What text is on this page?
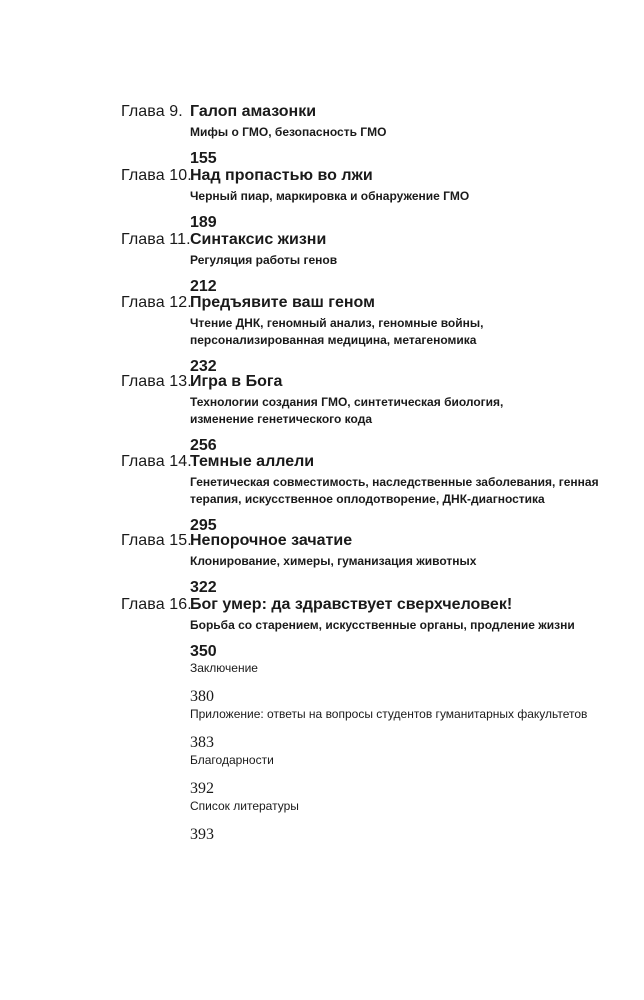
Глава 9. Галоп амазонки

Мифы о ГМО, безопасность ГМО

155

Глава 10.

Над пропастью во лжи

Черный пиар, маркировка и обнаружение ГМО

189

Глава 11. Синтаксис жизни

Регуляция работы генов

212

Глава 12.

Предъявите ваш геном

Чтение ДНК, геномный анализ, геномные войны,
персонализированная медицина, метагеномика

232

Глава 13.

Игра в Бога

Технологии создания ГМО, синтетическая биология,
изменение генетического кода

256

Глава 14.

Темные аллели

Генетическая совместимость, наследственные заболевания, генная
терапия, искусственное оплодотворение, ДНК-диагностика

295

Глава 15.

Непорочное зачатие

Клонирование, химеры, гуманизация животных

322

Глава 16.

Бог умер: да здравствует сверхчеловек!

Борьба со старением, искусственные органы, продление жизни

350

Заключение

380

Приложение: ответы на вопросы студентов гуманитарных факультетов

383

Благодарности

392

Список литературы

393
